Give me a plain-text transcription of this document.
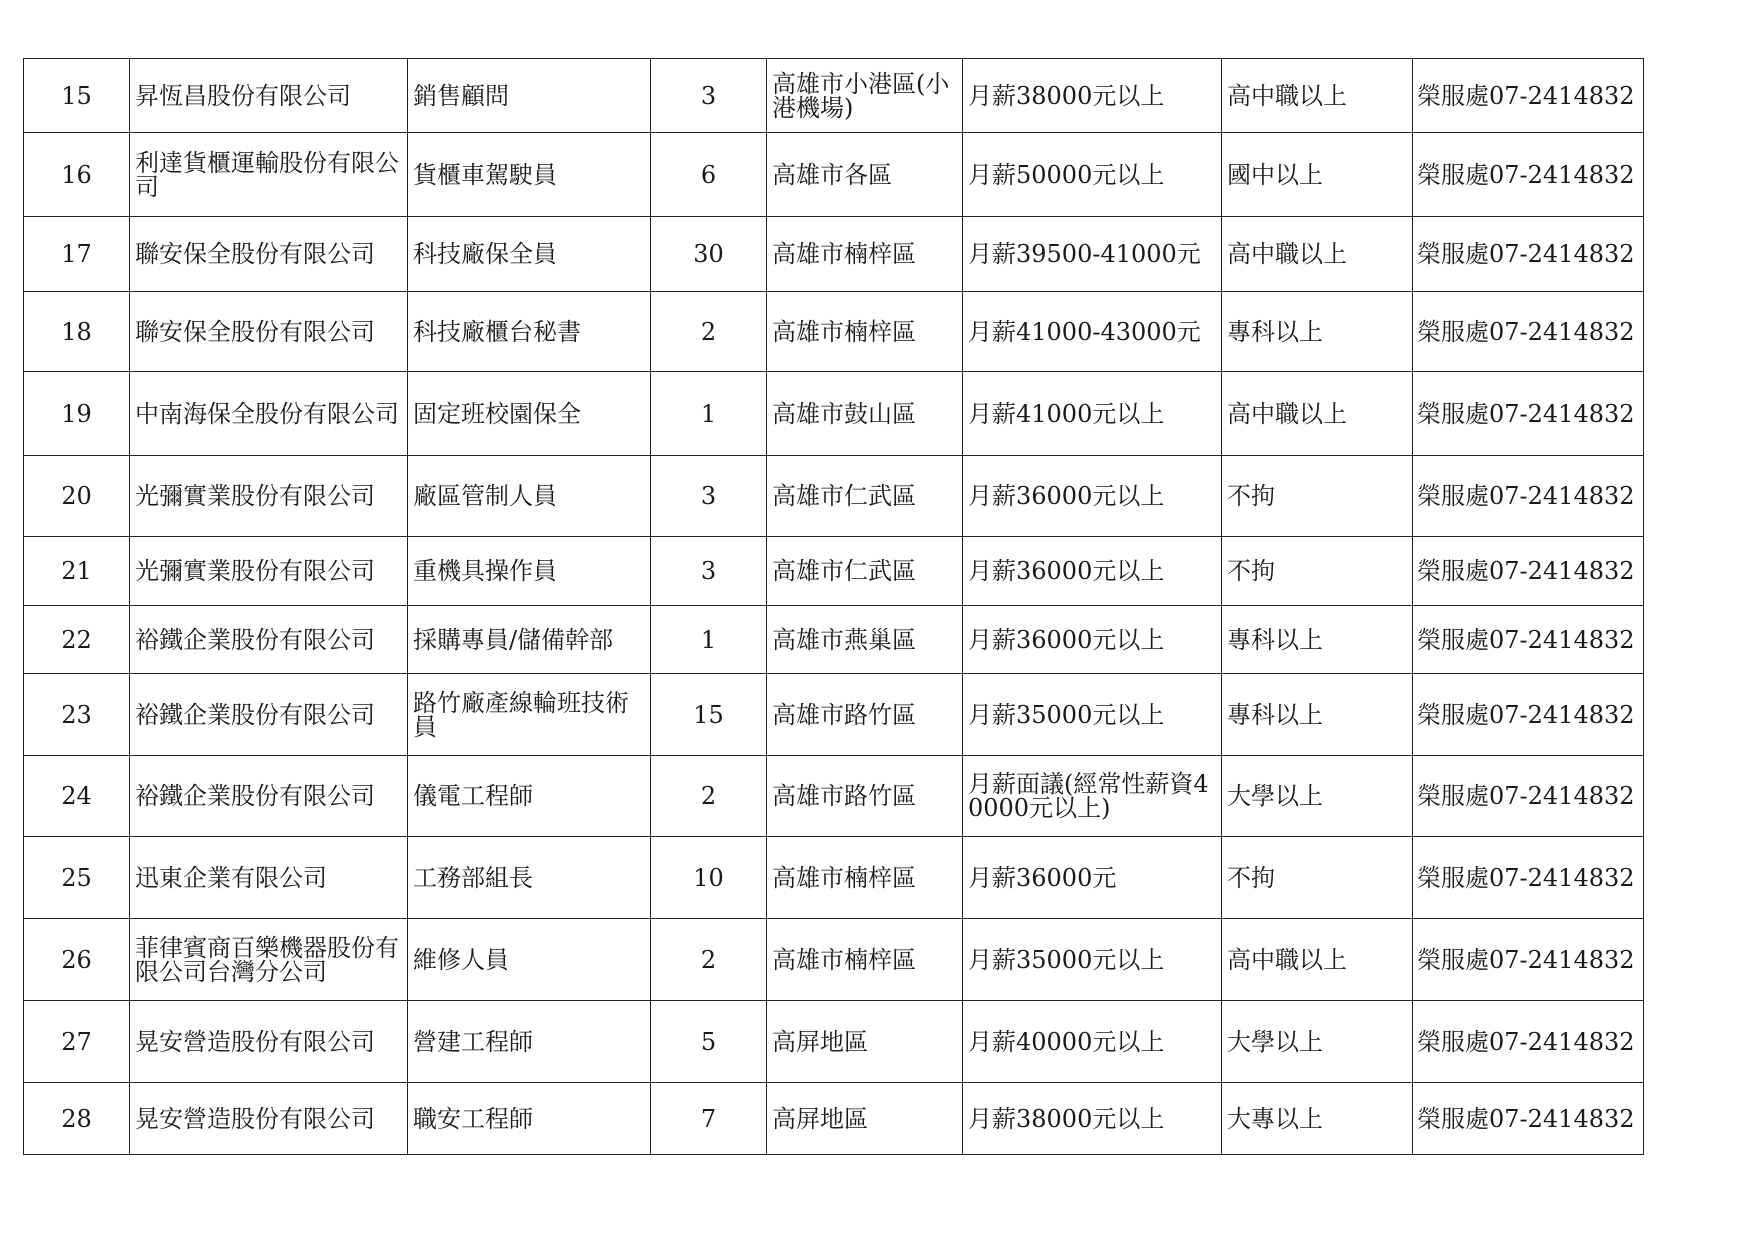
15	昇恆昌股份有限公司	銷售顧問	3	高雄市小港區(小港機場)	月薪38000元以上	高中職以上	榮服處07-2414832
16	利達貨櫃運輸股份有限公司	貨櫃車駕駛員	6	高雄市各區	月薪50000元以上	國中以上	榮服處07-2414832
17	聯安保全股份有限公司	科技廠保全員	30	高雄市楠梓區	月薪39500-41000元	高中職以上	榮服處07-2414832
18	聯安保全股份有限公司	科技廠櫃台秘書	2	高雄市楠梓區	月薪41000-43000元	專科以上	榮服處07-2414832
19	中南海保全股份有限公司	固定班校園保全	1	高雄市鼓山區	月薪41000元以上	高中職以上	榮服處07-2414832
20	光彌實業股份有限公司	廠區管制人員	3	高雄市仁武區	月薪36000元以上	不拘	榮服處07-2414832
21	光彌實業股份有限公司	重機具操作員	3	高雄市仁武區	月薪36000元以上	不拘	榮服處07-2414832
22	裕鐵企業股份有限公司	採購專員/儲備幹部	1	高雄市燕巢區	月薪36000元以上	專科以上	榮服處07-2414832
23	裕鐵企業股份有限公司	路竹廠產線輪班技術員	15	高雄市路竹區	月薪35000元以上	專科以上	榮服處07-2414832
24	裕鐵企業股份有限公司	儀電工程師	2	高雄市路竹區	月薪面議(經常性薪資40000元以上)	大學以上	榮服處07-2414832
25	迅東企業有限公司	工務部組長	10	高雄市楠梓區	月薪36000元	不拘	榮服處07-2414832
26	菲律賓商百樂機器股份有限公司台灣分公司	維修人員	2	高雄市楠梓區	月薪35000元以上	高中職以上	榮服處07-2414832
27	晃安營造股份有限公司	營建工程師	5	高屏地區	月薪40000元以上	大學以上	榮服處07-2414832
28	晃安營造股份有限公司	職安工程師	7	高屏地區	月薪38000元以上	大專以上	榮服處07-2414832
